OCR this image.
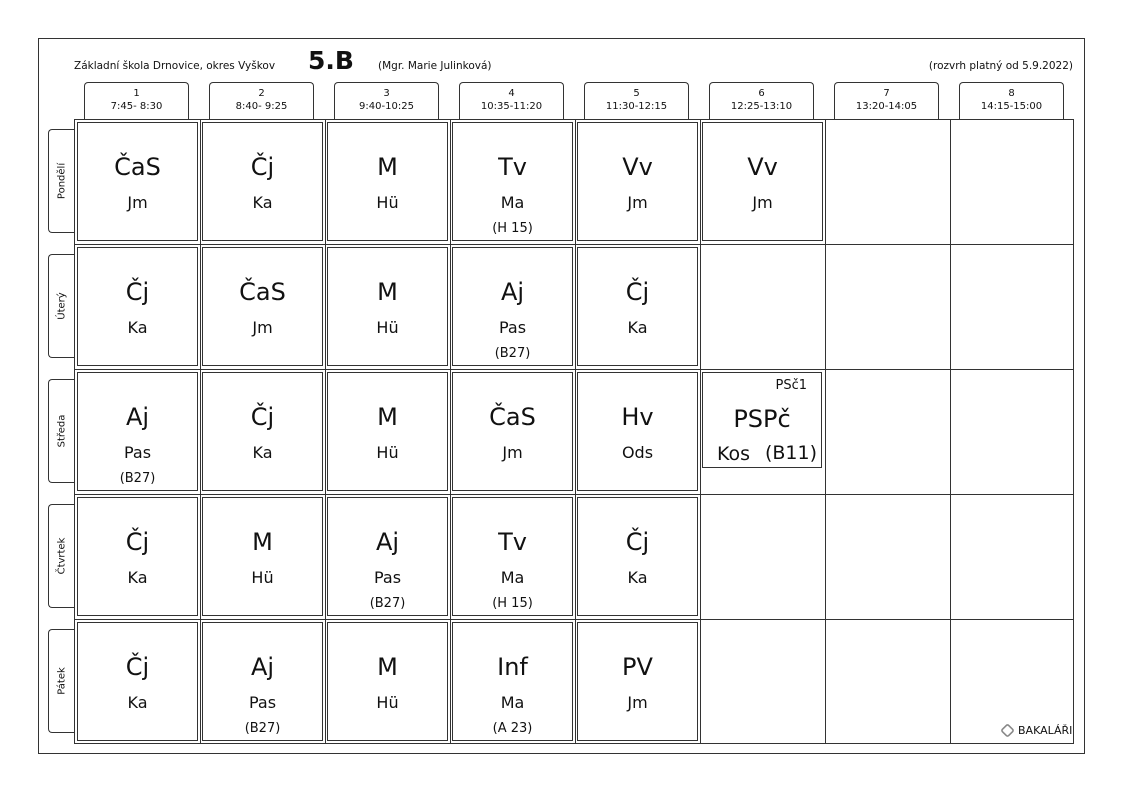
Základní škola Drnovice, okres Vyškov 5.B (Mgr. Marie Julinková)	(rozvrh platný od 5.9.2022)
1
7:45- 8:30
2
8:40- 9:25
3
9:40-10:25
4
10:35-11:20
5
11:30-12:15
6
12:25-13:10
7
13:20-14:05
8
14:15-15:00
Pondělí
Úterý
Středa
Čtvrtek
Pátek
ČaS
Jm
Čj
Ka
M
Hü
Tv
Ma
(H 15)
Vv
Jm
Vv
Jm
Čj
Ka
ČaS
Jm
M
Hü
Aj
Pas
(B27)
Čj
Ka
Aj
Pas
(B27)
Čj
Ka
M
Hü
ČaS
Jm
Hv
Ods
PSč1
PSPč
Kos (B11)
Čj
Ka
M
Hü
Aj
Pas
(B27)
Tv
Ma
(H 15)
Čj
Ka
Čj
Ka
Aj
Pas
(B27)
M
Hü
Inf
Ma
(A 23)
PV
Jm
BAKALÁŘI
